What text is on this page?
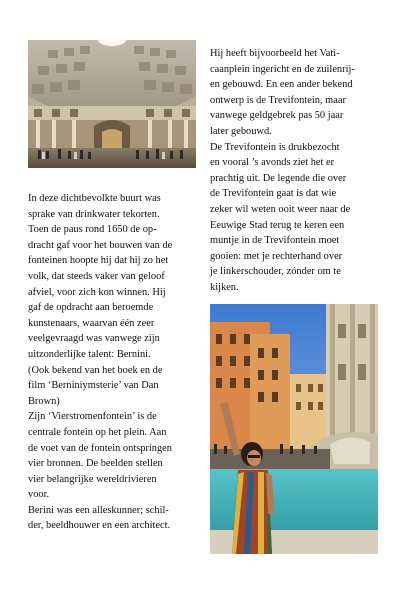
In deze dichtbevolkte buurt was

sprake van drinkwater tekorten.

Toen de paus rond 1650 de op-

dracht gaf voor het bouwen van de

fonteinen hoopte hij dat hij zo het

volk, dat steeds vaker van geloof

afviel, voor zich kon winnen. Hij

gaf de opdracht aan beroemde

kunstenaars, waarvan één zeer

veelgevraagd was vanwege zijn

uitzonderlijke talent: Bernini.

(Ook bekend van het boek en de

film ‘Berniniymsterie’ van Dan

Brown)

Zijn ‘Vierstromenfontein’ is de

centrale fontein op het plein. Aan

de voet van de fontein ontspringen

vier bronnen. De beelden stellen

vier belangrijke wereldrivieren

voor.

Berini was een alleskunner; schil-

der, beeldhouwer en een architect.

Hij heeft bijvoorbeeld het Vati-

caanplein ingericht en de zuilenrij-

en gebouwd. En een ander bekend

ontwerp is de Trevifontein, maar

vanwege geldgebrek pas 50 jaar

later gebouwd.

De Trevifontein is drukbezocht

en vooral ’s avonds ziet het er

prachtig uit. De legende die over

de Trevifontein gaat is dat wie

zeker wil weten ooit weer naar de

Eeuwige Stad terug te keren een

muntje in de Trevifontein moet

gooien: met je rechterhand over

je linkerschouder, zónder om te

kijken.
